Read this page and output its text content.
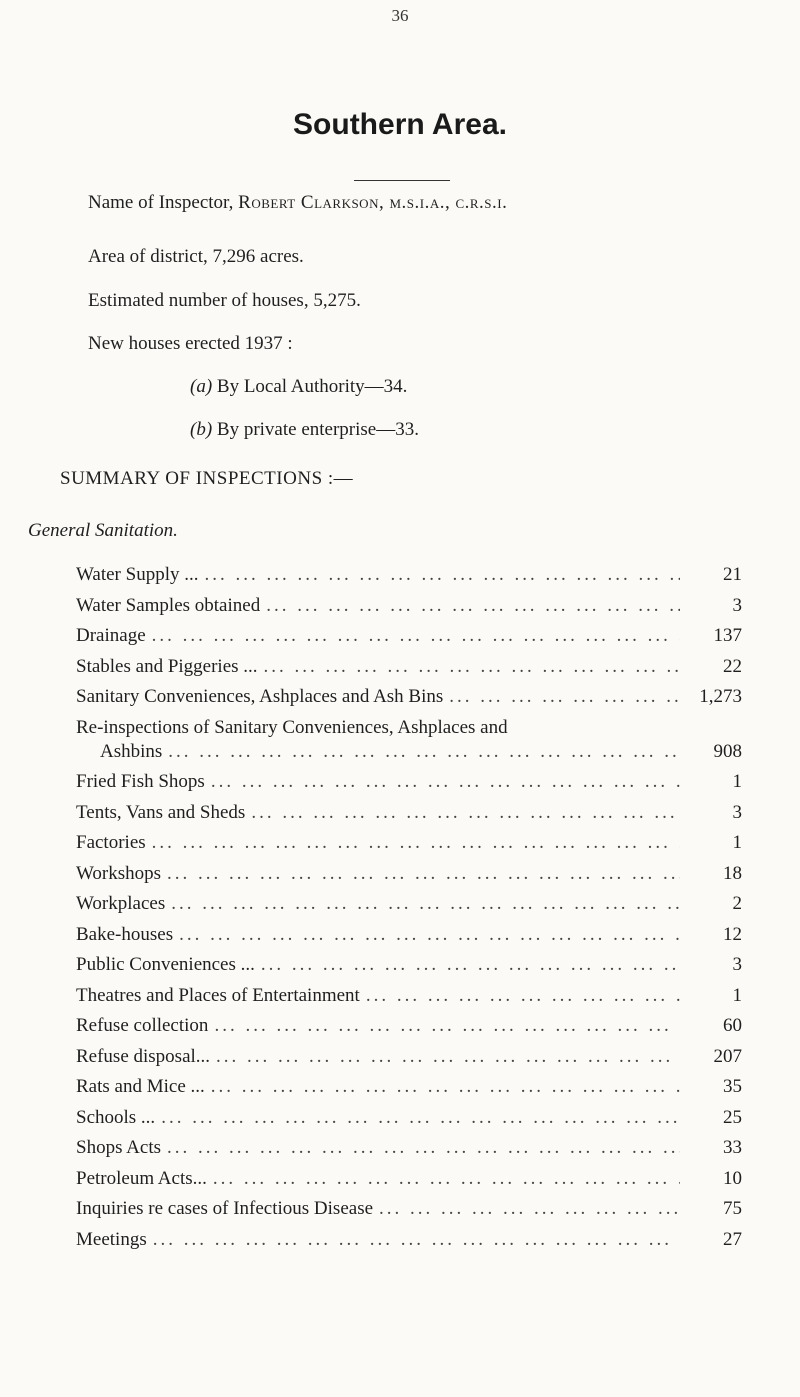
36
Southern Area.
Name of Inspector, Robert Clarkson, m.s.i.a., c.r.s.i.
Area of district, 7,296 acres.
Estimated number of houses, 5,275.
New houses erected 1937 :
(a) By Local Authority—34.
(b) By private enterprise—33.
SUMMARY OF INSPECTIONS :—
General Sanitation.
Water Supply ... ... .	21
Water Samples obtained ... .	3
Drainage ... .	137
Stables and Piggeries ... ... .	22
Sanitary Conveniences, Ashplaces and Ash Bins ... .	1,273
Re-inspections of Sanitary Conveniences, Ashplaces and
Ashbins ... .	908
Fried Fish Shops ... .	1
Tents, Vans and Sheds ... .	3
Factories ... .	1
Workshops ... .	18
Workplaces ... .	2
Bake-houses ... .	12
Public Conveniences ... ... .	3
Theatres and Places of Entertainment ... .	1
Refuse collection ... .	60
Refuse disposal... ... .	207
Rats and Mice ... ... .	35
Schools ... ... .	25
Shops Acts ... .	33
Petroleum Acts... ... .	10
Inquiries re cases of Infectious Disease ... .	75
Meetings ... .	27
